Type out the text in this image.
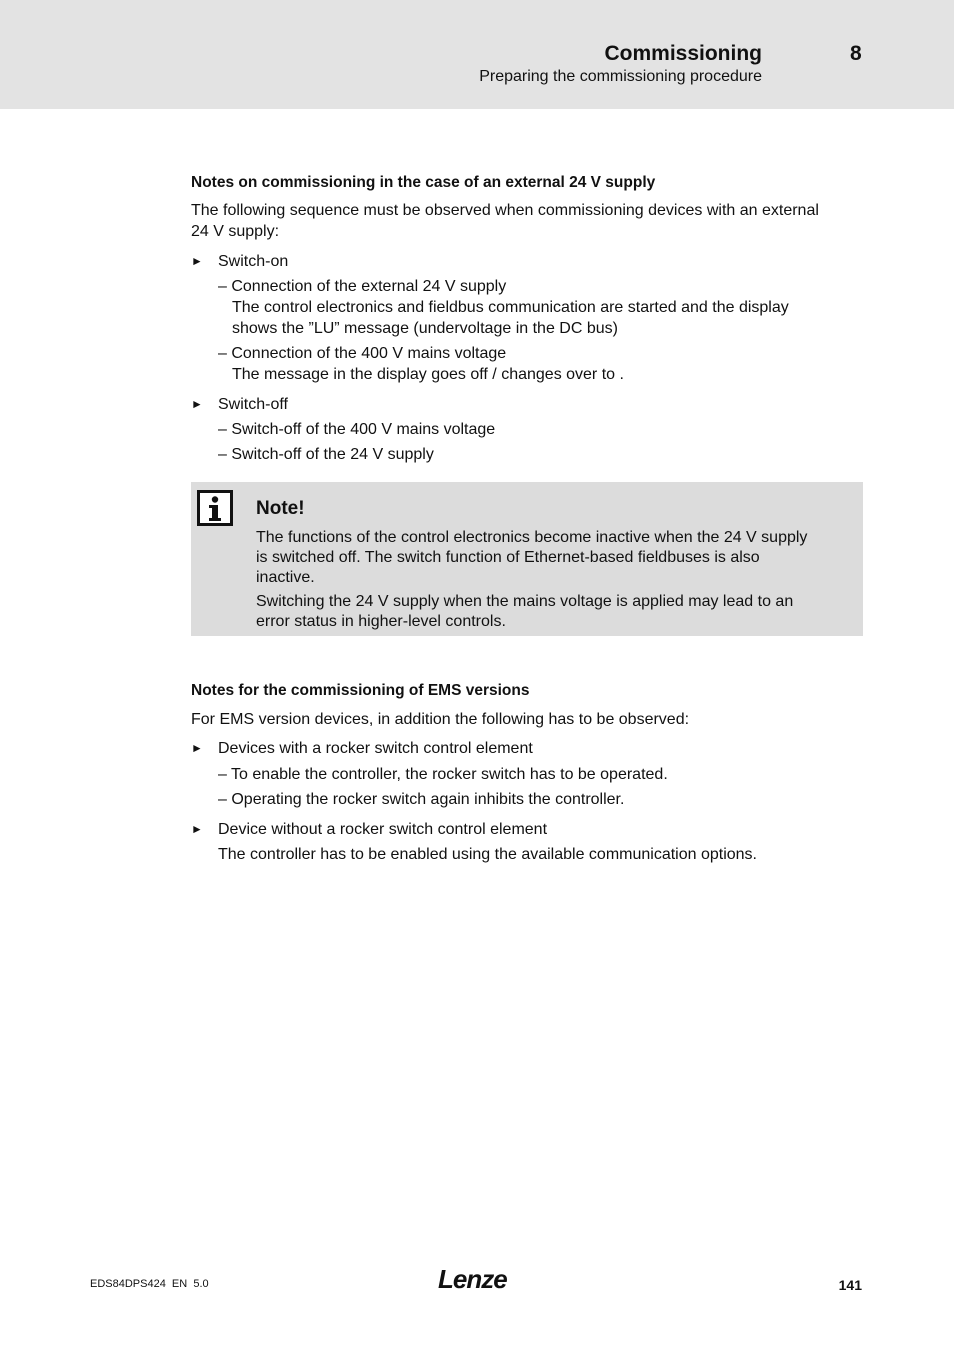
Commissioning	8
Preparing the commissioning procedure
Notes on commissioning in the case of an external 24 V supply
The following sequence must be observed when commissioning devices with an external
24 V supply:
► Switch-on
– Connection of the external 24 V supply
The control electronics and fieldbus communication are started and the display
shows the ”LU” message (undervoltage in the DC bus)
– Connection of the 400 V mains voltage
The message in the display goes off / changes over to .
► Switch-off
– Switch-off of the 400 V mains voltage
– Switch-off of the 24 V supply
Note!
The functions of the control electronics become inactive when the 24 V supply
is switched off. The switch function of Ethernet-based fieldbuses is also
inactive.
Switching the 24 V supply when the mains voltage is applied may lead to an
error status in higher-level controls.
Notes for the commissioning of EMS versions
For EMS version devices, in addition the following has to be observed:
► Devices with a rocker switch control element
– To enable the controller, the rocker switch has to be operated.
– Operating the rocker switch again inhibits the controller.
► Device without a rocker switch control element
The controller has to be enabled using the available communication options.
EDS84DPS424  EN  5.0	Lenze	141
